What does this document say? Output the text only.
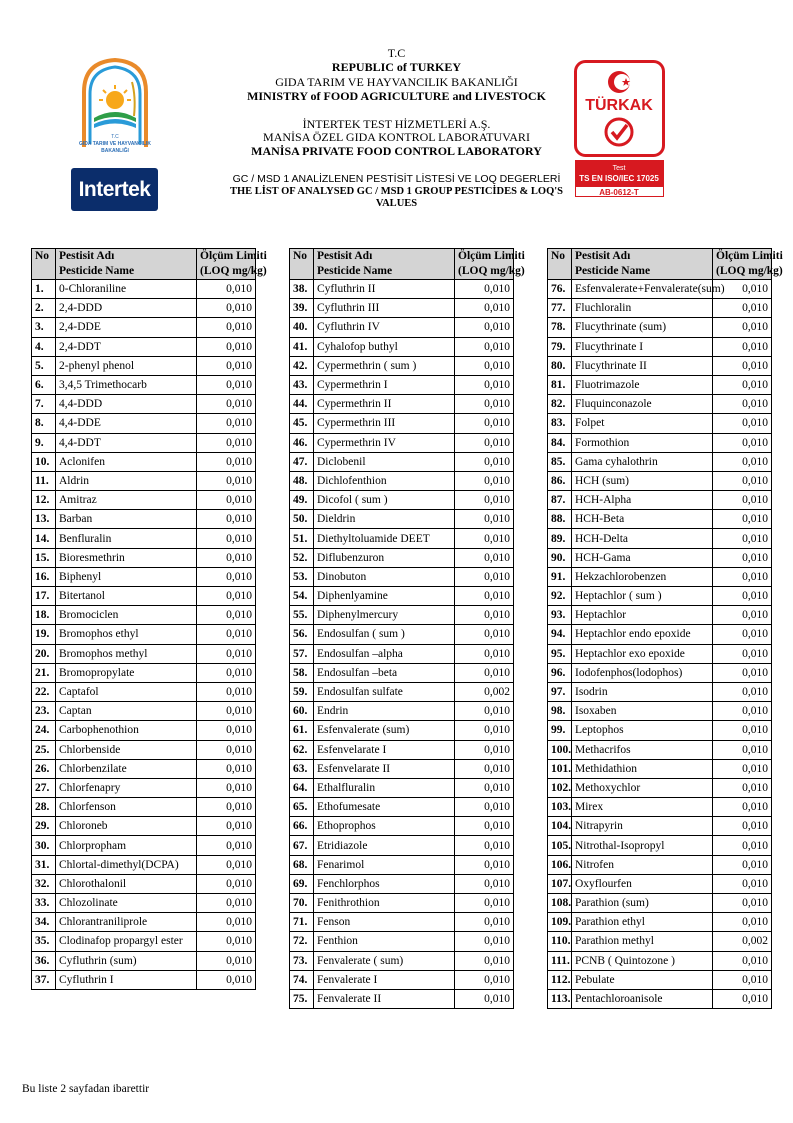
T.C
REPUBLIC of TURKEY
GIDA TARIM VE HAYVANCILIK BAKANLIĞI
MINISTRY of FOOD AGRICULTURE and LIVESTOCK
İNTERTEK TEST HİZMETLERİ A.Ş.
MANİSA ÖZEL GIDA KONTROL LABORATUVARI
MANİSA PRIVATE FOOD CONTROL LABORATORY
GC / MSD 1 ANALİZLENEN PESTİSİT LİSTESİ VE LOQ DEGERLERİ
THE LİST OF ANALYSED GC / MSD 1 GROUP PESTICİDES & LOQ'S
VALUES
T.C
GIDA TARIM VE HAYVANCILIK
BAKANLIĞI
Intertek
TÜRKAK
Test
TS EN ISO/IEC 17025
AB-0612-T
No	Pestisit Adı	Ölçüm Limiti
	Pesticide Name	(LOQ mg/kg)
1.	0-Chloraniline	0,010
2.	2,4-DDD	0,010
3.	2,4-DDE	0,010
4.	2,4-DDT	0,010
5.	2-phenyl phenol	0,010
6.	3,4,5 Trimethocarb	0,010
7.	4,4-DDD	0,010
8.	4,4-DDE	0,010
9.	4,4-DDT	0,010
10.	Aclonifen	0,010
11.	Aldrin	0,010
12.	Amitraz	0,010
13.	Barban	0,010
14.	Benfluralin	0,010
15.	Bioresmethrin	0,010
16.	Biphenyl	0,010
17.	Bitertanol	0,010
18.	Bromociclen	0,010
19.	Bromophos ethyl	0,010
20.	Bromophos methyl	0,010
21.	Bromopropylate	0,010
22.	Captafol	0,010
23.	Captan	0,010
24.	Carbophenothion	0,010
25.	Chlorbenside	0,010
26.	Chlorbenzilate	0,010
27.	Chlorfenapry	0,010
28.	Chlorfenson	0,010
29.	Chloroneb	0,010
30.	Chlorpropham	0,010
31.	Chlortal-dimethyl(DCPA)	0,010
32.	Chlorothalonil	0,010
33.	Chlozolinate	0,010
34.	Chlorantraniliprole	0,010
35.	Clodinafop propargyl ester	0,010
36.	Cyfluthrin (sum)	0,010
37.	Cyfluthrin I	0,010
No	Pestisit Adı	Ölçüm Limiti
	Pesticide Name	(LOQ mg/kg)
38.	Cyfluthrin II	0,010
39.	Cyfluthrin III	0,010
40.	Cyfluthrin IV	0,010
41.	Cyhalofop buthyl	0,010
42.	Cypermethrin ( sum )	0,010
43.	Cypermethrin I	0,010
44.	Cypermethrin II	0,010
45.	Cypermethrin III	0,010
46.	Cypermethrin IV	0,010
47.	Diclobenil	0,010
48.	Dichlofenthion	0,010
49.	Dicofol ( sum )	0,010
50.	Dieldrin	0,010
51.	Diethyltoluamide DEET	0,010
52.	Diflubenzuron	0,010
53.	Dinobuton	0,010
54.	Diphenlyamine	0,010
55.	Diphenylmercury	0,010
56.	Endosulfan ( sum )	0,010
57.	Endosulfan –alpha	0,010
58.	Endosulfan –beta	0,010
59.	Endosulfan sulfate	0,002
60.	Endrin	0,010
61.	Esfenvalerate (sum)	0,010
62.	Esfenvelarate I	0,010
63.	Esfenvelarate II	0,010
64.	Ethalfluralin	0,010
65.	Ethofumesate	0,010
66.	Ethoprophos	0,010
67.	Etridiazole	0,010
68.	Fenarimol	0,010
69.	Fenchlorphos	0,010
70.	Fenithrothion	0,010
71.	Fenson	0,010
72.	Fenthion	0,010
73.	Fenvalerate ( sum)	0,010
74.	Fenvalerate I	0,010
75.	Fenvalerate II	0,010
No	Pestisit Adı	Ölçüm Limiti
	Pesticide Name	(LOQ mg/kg)
76.	Esfenvalerate+Fenvalerate(sum)	0,010
77.	Fluchloralin	0,010
78.	Flucythrinate (sum)	0,010
79.	Flucythrinate I	0,010
80.	Flucythrinate II	0,010
81.	Fluotrimazole	0,010
82.	Fluquinconazole	0,010
83.	Folpet	0,010
84.	Formothion	0,010
85.	Gama cyhalothrin	0,010
86.	HCH (sum)	0,010
87.	HCH-Alpha	0,010
88.	HCH-Beta	0,010
89.	HCH-Delta	0,010
90.	HCH-Gama	0,010
91.	Hekzachlorobenzen	0,010
92.	Heptachlor ( sum )	0,010
93.	Heptachlor	0,010
94.	Heptachlor endo epoxide	0,010
95.	Heptachlor exo epoxide	0,010
96.	Iodofenphos(lodophos)	0,010
97.	Isodrin	0,010
98.	Isoxaben	0,010
99.	Leptophos	0,010
100.	Methacrifos	0,010
101.	Methidathion	0,010
102.	Methoxychlor	0,010
103.	Mirex	0,010
104.	Nitrapyrin	0,010
105.	Nitrothal-Isopropyl	0,010
106.	Nitrofen	0,010
107.	Oxyflourfen	0,010
108.	Parathion (sum)	0,010
109.	Parathion ethyl	0,010
110.	Parathion methyl	0,002
111.	PCNB ( Quintozone )	0,010
112.	Pebulate	0,010
113.	Pentachloroanisole	0,010
Bu liste 2 sayfadan ibarettir
